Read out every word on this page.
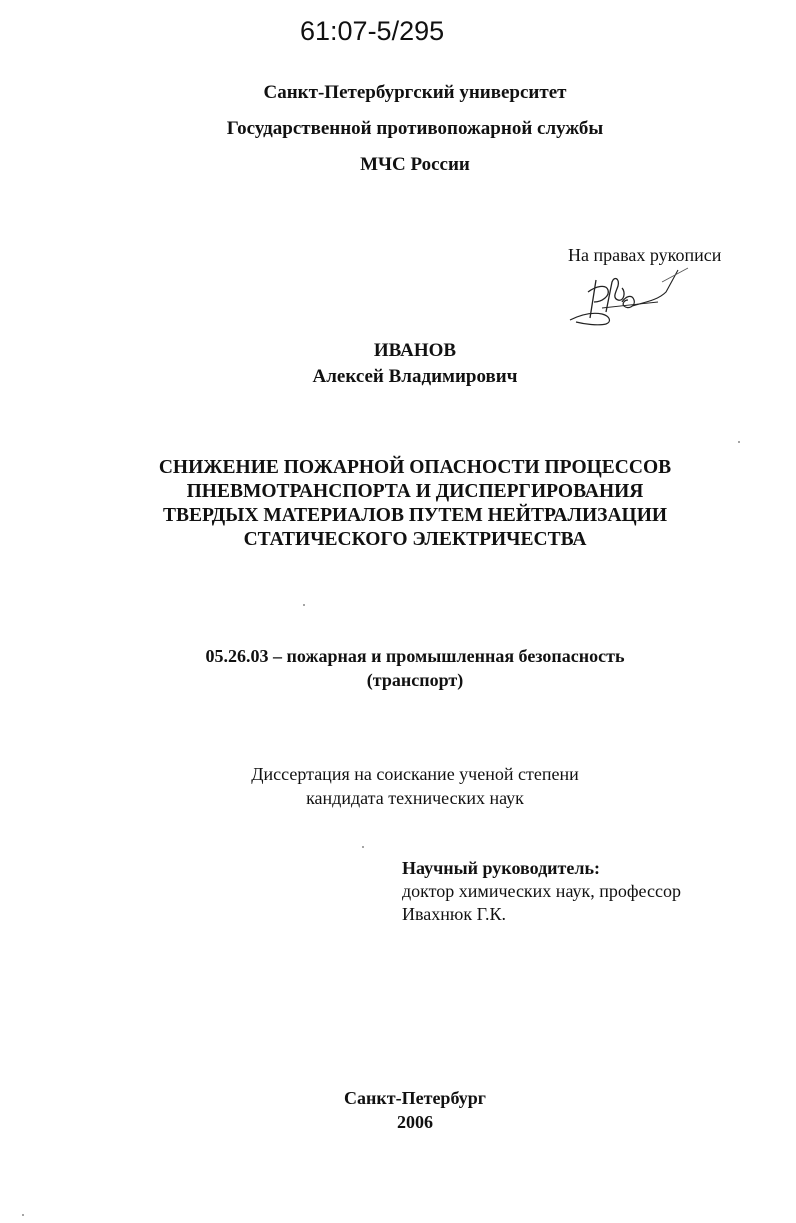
61:07-5/295
Санкт-Петербургский университет
Государственной противопожарной службы
МЧС России
На правах рукописи
ИВАНОВ
Алексей Владимирович
СНИЖЕНИЕ ПОЖАРНОЙ ОПАСНОСТИ ПРОЦЕССОВ
ПНЕВМОТРАНСПОРТА И ДИСПЕРГИРОВАНИЯ
ТВЕРДЫХ МАТЕРИАЛОВ ПУТЕМ НЕЙТРАЛИЗАЦИИ
СТАТИЧЕСКОГО ЭЛЕКТРИЧЕСТВА
05.26.03 – пожарная и промышленная безопасность
(транспорт)
Диссертация на соискание ученой степени
кандидата технических наук
Научный руководитель:
доктор химических наук, профессор
Ивахнюк Г.К.
Санкт-Петербург
2006
